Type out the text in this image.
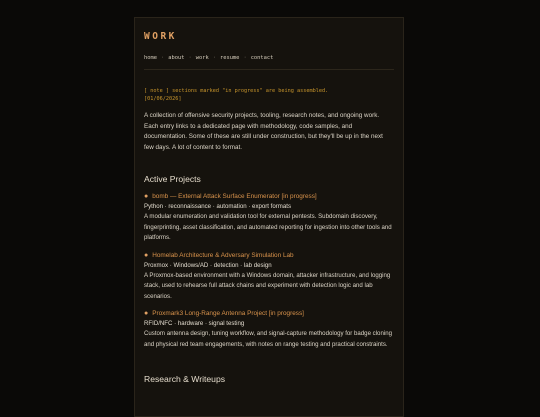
WORK
home · about · work · resume · contact
[ note ] sections marked "in progress" are being assembled.
[01/06/2026]

A collection of offensive security projects, tooling, research notes, and ongoing work. Each entry links to a dedicated page with methodology, code samples, and documentation. Some of these are still under construction, but they'll be up in the next few days. A lot of content to format.

Active Projects
● bomb — External Attack Surface Enumerator [in progress]
Python · reconnaissance · automation · export formats
A modular enumeration and validation tool for external pentests. Subdomain discovery, fingerprinting, asset classification, and automated reporting for ingestion into other tools and platforms.
● Homelab Architecture & Adversary Simulation Lab
Proxmox · Windows/AD · detection · lab design
A Proxmox-based environment with a Windows domain, attacker infrastructure, and logging stack, used to rehearse full attack chains and experiment with detection logic and lab scenarios.
● Proxmark3 Long-Range Antenna Project [in progress]
RFID/NFC · hardware · signal testing
Custom antenna design, tuning workflow, and signal-capture methodology for badge cloning and physical red team engagements, with notes on range testing and practical constraints.
Research & Writeups
